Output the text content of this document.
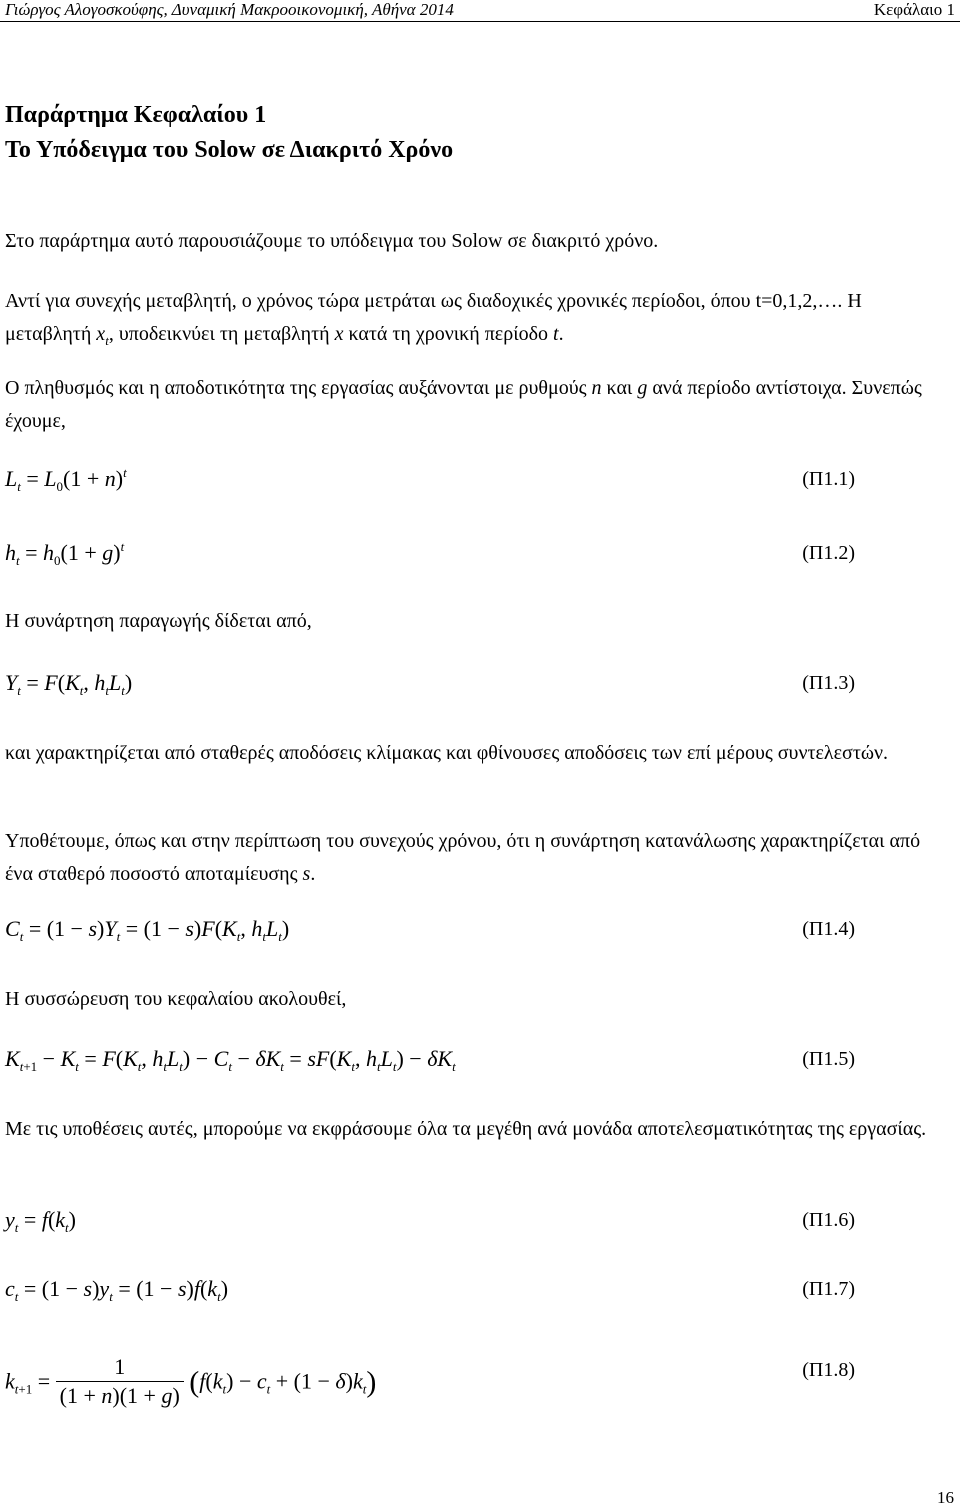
Γιώργος Αλογοσκούφης, Δυναμική Μακροοικονομική, Αθήνα 2014	Κεφάλαιο 1
Παράρτημα Κεφαλαίου 1
Το Υπόδειγμα του Solow σε Διακριτό Χρόνο
Στο παράρτημα αυτό παρουσιάζουμε το υπόδειγμα του Solow σε διακριτό χρόνο.
Αντί για συνεχής μεταβλητή, ο χρόνος τώρα μετράται ως διαδοχικές χρονικές περίοδοι, όπου t=0,1,2,…. Η μεταβλητή $x_t$, υποδεικνύει τη μεταβλητή x κατά τη χρονική περίοδο t.
Ο πληθυσμός και η αποδοτικότητα της εργασίας αυξάνονται με ρυθμούς n και g ανά περίοδο αντίστοιχα. Συνεπώς έχουμε,
$L_t = L_0(1 + n)^t$	(Π1.1)
$h_t = h_0(1 + g)^t$	(Π1.2)
Η συνάρτηση παραγωγής δίδεται από,
$Y_t = F(K_t$, $h_tL_t$)	(Π1.3)
και χαρακτηρίζεται από σταθερές αποδόσεις κλίμακας και φθίνουσες αποδόσεις των επί μέρους συντελεστών.
Υποθέτουμε, όπως και στην περίπτωση του συνεχούς χρόνου, ότι η συνάρτηση κατανάλωσης χαρακτηρίζεται από ένα σταθερό ποσοστό αποταμίευσης s.
$C_t = (1 - s)Y_t = (1 - s)F(K_t$, $h_tL_t$)	(Π1.4)
Η συσσώρευση του κεφαλαίου ακολουθεί,
$K_{t+1} - K_t = F(K_t$, $h_tL_t) - C_t - \delta K_t = sF(K_t$, $h_tL_t) - \delta K_t$	(Π1.5)
Με τις υποθέσεις αυτές, μπορούμε να εκφράσουμε όλα τα μεγέθη ανά μονάδα αποτελεσματικότητας της εργασίας.
$y_t = f(k_t)$	(Π1.6)
$c_t = (1 - s)y_t = (1 - s)f(k_t)$	(Π1.7)
$k_{t+1} = \frac{1}{(1 + n)(1 + g)} (f(k_t) - c_t + (1 - \delta)k_t)$	(Π1.8)
16
